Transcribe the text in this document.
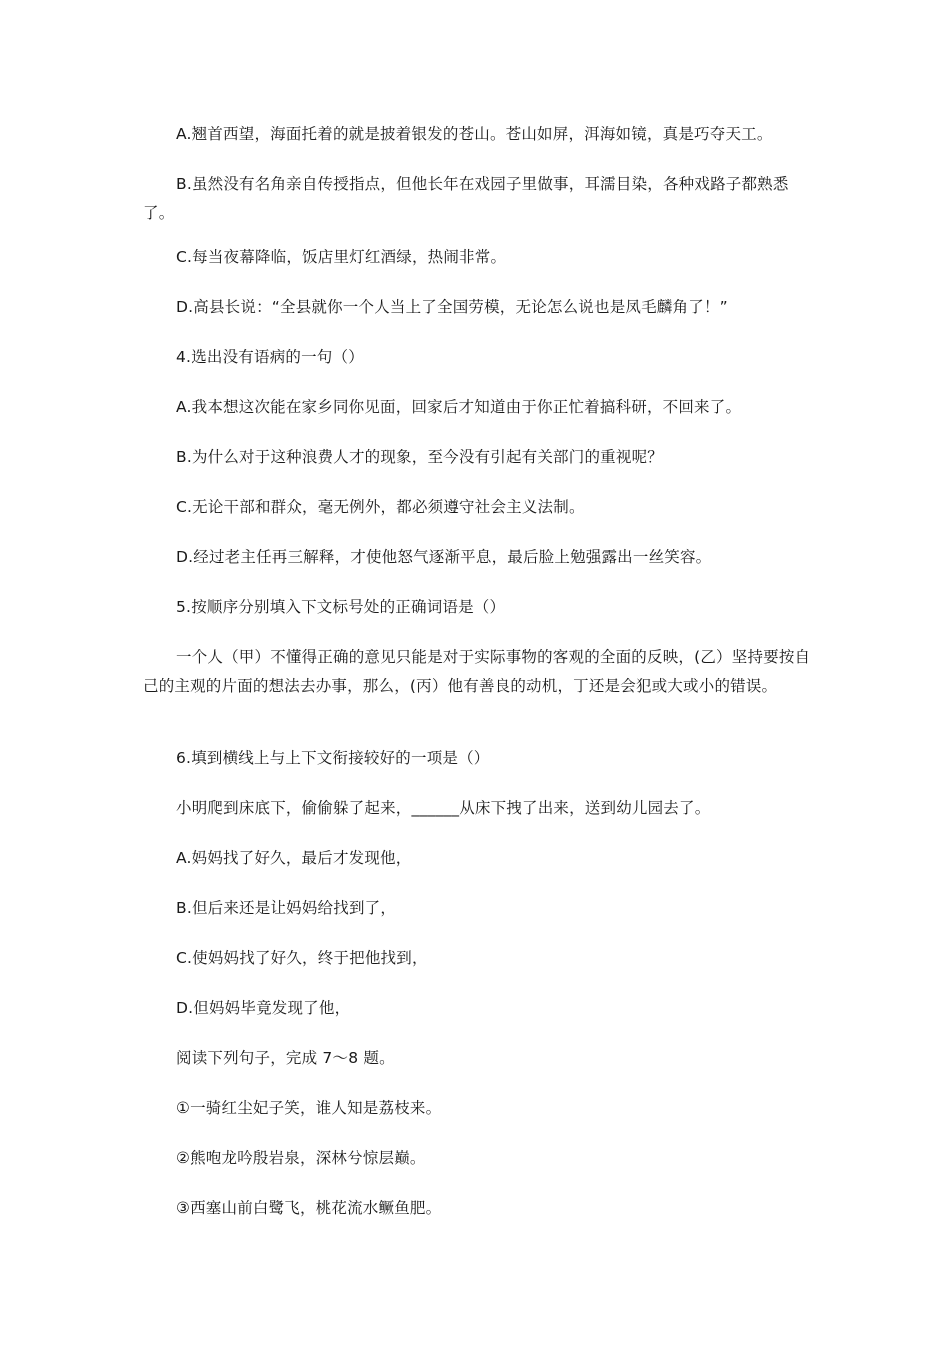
A.翘首西望，海面托着的就是披着银发的苍山。苍山如屏，洱海如镜，真是巧夺天工。

B.虽然没有名角亲自传授指点，但他长年在戏园子里做事，耳濡目染，各种戏路子都熟悉了。

C.每当夜幕降临，饭店里灯红酒绿，热闹非常。

D.高县长说：“全县就你一个人当上了全国劳模，无论怎么说也是凤毛麟角了！”

4.选出没有语病的一句（）

A.我本想这次能在家乡同你见面，回家后才知道由于你正忙着搞科研，不回来了。

B.为什么对于这种浪费人才的现象，至今没有引起有关部门的重视呢？

C.无论干部和群众，毫无例外，都必须遵守社会主义法制。

D.经过老主任再三解释，才使他怒气逐渐平息，最后脸上勉强露出一丝笑容。

5.按顺序分别填入下文标号处的正确词语是（）

一个人（甲）不懂得正确的意见只能是对于实际事物的客观的全面的反映，(乙）坚持要按自己的主观的片面的想法去办事，那么，(丙）他有善良的动机，丁还是会犯或大或小的错误。

6.填到横线上与上下文衔接较好的一项是（）

小明爬到床底下，偷偷躲了起来，______从床下拽了出来，送到幼儿园去了。

A.妈妈找了好久，最后才发现他，

B.但后来还是让妈妈给找到了，

C.使妈妈找了好久，终于把他找到，

D.但妈妈毕竟发现了他，

阅读下列句子，完成 7～8 题。

①一骑红尘妃子笑，谁人知是荔枝来。

②熊咆龙吟殷岩泉，深林兮惊层巅。

③西塞山前白鹭飞，桃花流水鳜鱼肥。
